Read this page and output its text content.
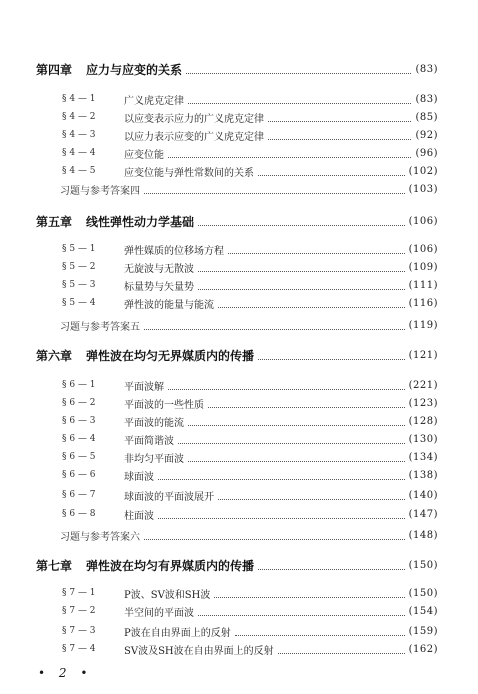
第四章 应力与应变的关系	(83)
§ 4 — 1	广义虎克定律	(83)
§ 4 — 2	以应变表示应力的广义虎克定律	(85)
§ 4 — 3	以应力表示应变的广义虎克定律	(92)
§ 4 — 4	应变位能	(96)
§ 4 — 5	应变位能与弹性常数间的关系	(102)
习题与参考答案四	(103)
第五章 线性弹性动力学基础	(106)
§ 5 — 1	弹性媒质的位移场方程	(106)
§ 5 — 2	无旋波与无散波	(109)
§ 5 — 3	标量势与矢量势	(111)
§ 5 — 4	弹性波的能量与能流	(116)
习题与参考答案五	(119)
第六章 弹性波在均匀无界媒质内的传播	(121)
§ 6 — 1	平面波解	(221)
§ 6 — 2	平面波的一些性质	(123)
§ 6 — 3	平面波的能流	(128)
§ 6 — 4	平面简谐波	(130)
§ 6 — 5	非均匀平面波	(134)
§ 6 — 6	球面波	(138)
§ 6 — 7	球面波的平面波展开	(140)
§ 6 — 8	柱面波	(147)
习题与参考答案六	(148)
第七章 弹性波在均匀有界媒质内的传播	(150)
§ 7 — 1	P波、SV波和SH波	(150)
§ 7 — 2	半空间的平面波	(154)
§ 7 — 3	P波在自由界面上的反射	(159)
§ 7 — 4	SV波及SH波在自由界面上的反射	(162)
• 2 •
